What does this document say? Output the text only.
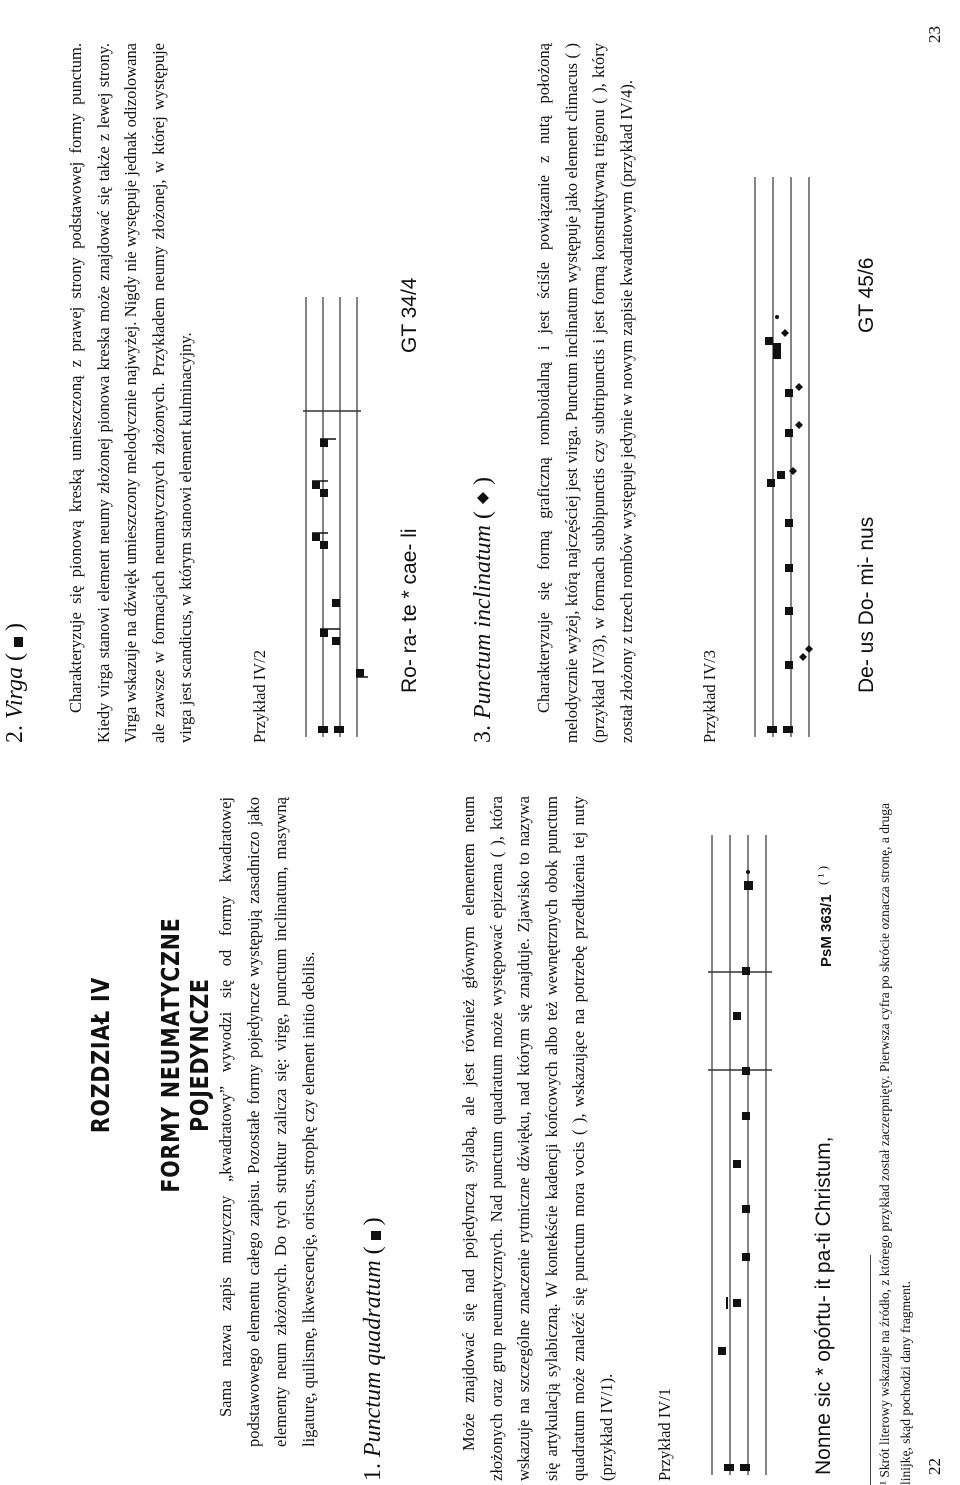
ROZDZIAŁ IV FORMY NEUMATYCZNE POJEDYNCZE Sama nazwa zapis muzyczny „kwadratowy” wywodzi się od formy kwadratowej podstawowego elementu całego zapisu. Pozostałe formy pojedyncze występują zasadniczo jako elementy neum złożonych. Do tych struktur zalicza się: virgę, punctum inclinatum, masywną ligaturę, quilismę, likwescencję, oriscus, strophę czy element initio debilis.
1. Punctum quadratum (  )	Może znajdować się nad pojedynczą sylabą, ale jest również głównym elementem neum złożonych oraz grup neumatycznych. Nad punctum quadratum może występować epizema ( ), która wskazuje na szczególne znaczenie rytmiczne dźwięku, nad którym się znajduje. Zjawisko to nazywa się artykulacją sylabiczną. W kontekście kadencji końcowych albo też wewnętrznych obok punctum quadratum może znaleźć się punctum mora vocis ( ), wskazujące na potrzebę przedłużenia tej nuty (przykład IV/1). Przykład IV/1	Nonne sic * opórtu- it pa-ti Christum,
PsM 363/1
( ¹ )	¹ Skrót literowy wskazuje na źródło, z którego przykład został zaczerpnięty. Pierwsza cyfra po skrócie oznacza stronę, a druga linijkę, skąd pochodzi dany fragment. 22
2. Virga (  ) Charakteryzuje się pionową kreską umieszczoną z prawej strony podstawowej formy punctum. Kiedy virga stanowi element neumy złożonej pionowa kreska może znajdować się także z lewej strony. Virga wskazuje na dźwięk umieszczony melodycznie najwyżej. Nigdy nie występuje jednak odizolowana ale zawsze w formacjach neumatycznych złożonych. Przykładem neumy złożonej, w której występuje virga jest scandicus, w którym stanowi element kulminacyjny.	Przykład IV/2
Ro- ra- te * cae- li
GT 34/4
3. Punctum inclinatum (  ) Charakteryzuje się formą graficzną romboidalną i jest ściśle powiązanie z nutą położoną melodycznie wyżej, którą najczęściej jest virga. Punctum inclinatum występuje jako element climacus ( ) (przykład IV/3), w formach subbipunctis czy subtripunctis i jest formą konstruktywną trigonu ( ), który został złożony z trzech rombów występuje jedynie w nowym zapisie kwadratowym (przykład IV/4).	Przykład IV/3
De- us Do- mi- nus
GT 45/6
23
